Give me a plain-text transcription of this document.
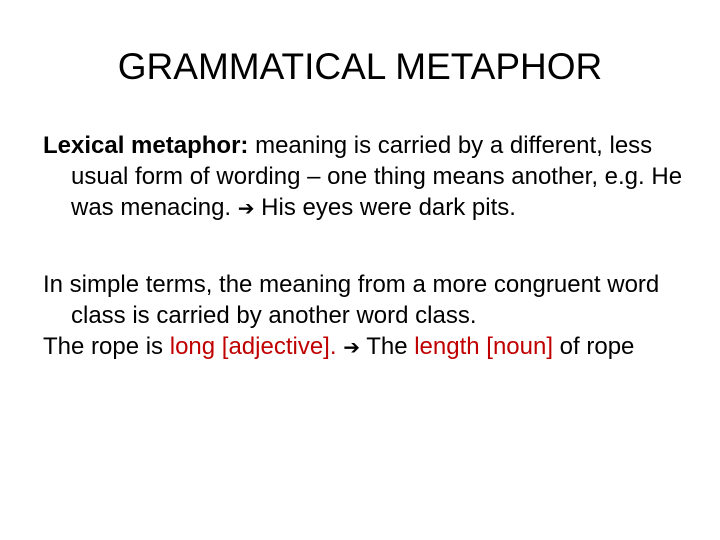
GRAMMATICAL METAPHOR

Lexical metaphor: meaning is carried by a different, less usual form of wording – one thing means another, e.g. He was menacing. ➔ His eyes were dark pits.

In simple terms, the meaning from a more congruent word class is carried by another word class.

The rope is long [adjective]. ➔ The length [noun] of rope
